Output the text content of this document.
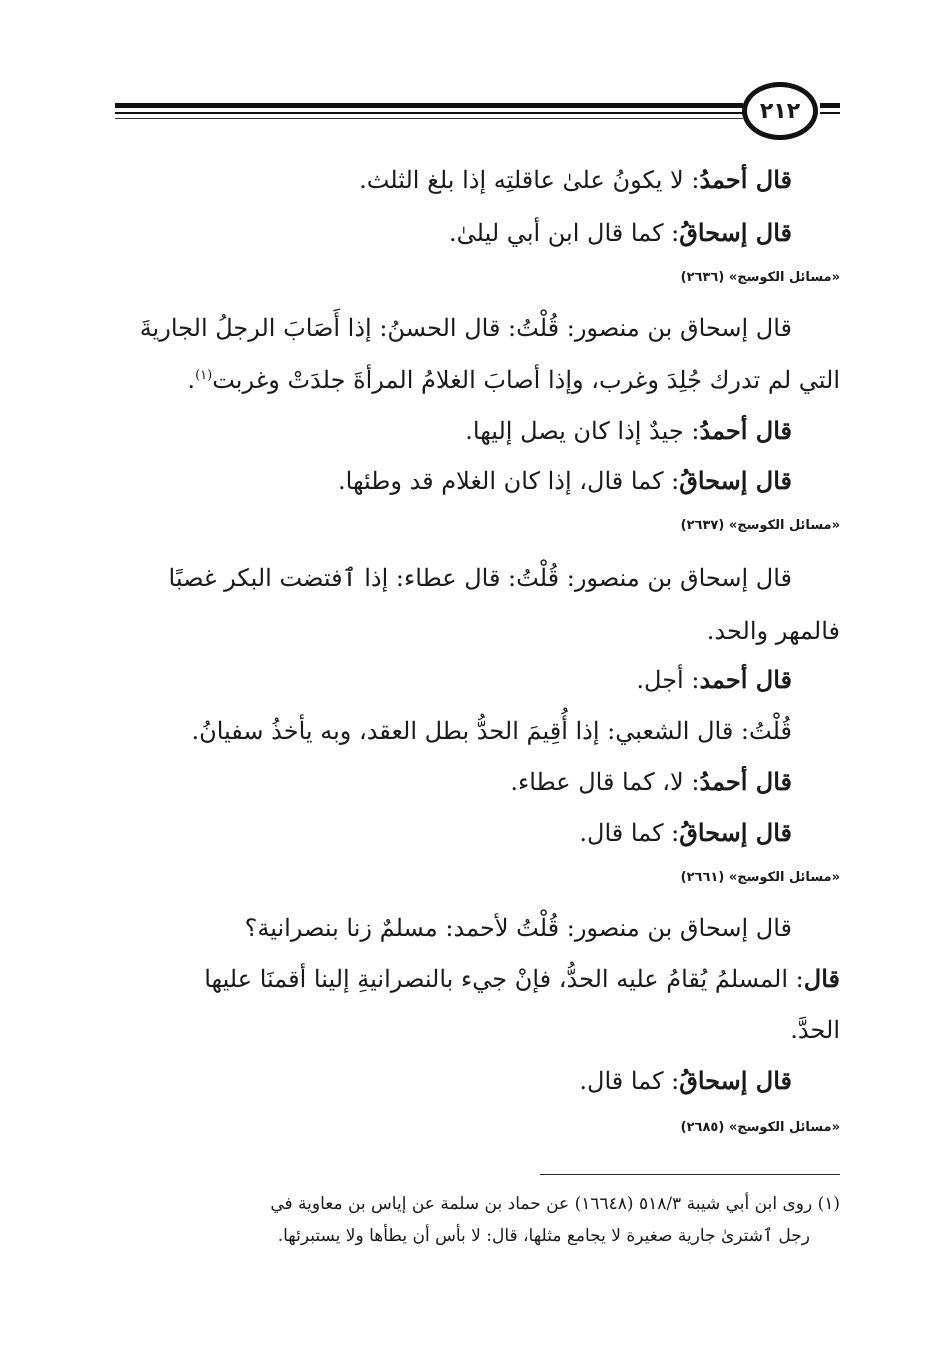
٢١٢
قال أحمدُ: لا يكونُ علىٰ عاقلتِه إذا بلغ الثلث.
قال إسحاقُ: كما قال ابن أبي ليلىٰ.
«مسائل الكوسج» (٢٦٣٦)
قال إسحاق بن منصور: قُلْتُ: قال الحسنُ: إذا أَصَابَ الرجلُ الجاريةَ
التي لم تدرك جُلِدَ وغرب، وإذا أصابَ الغلامُ المرأةَ جلدَتْ وغربت$^{(١)}$.
قال أحمدُ: جيدٌ إذا كان يصل إليها.
قال إسحاقُ: كما قال، إذا كان الغلام قد وطئها.
«مسائل الكوسج» (٢٦٣٧)
قال إسحاق بن منصور: قُلْتُ: قال عطاء: إذا ٱفتضت البكر غصبًا
فالمهر والحد.
قال أحمد: أجل.
قُلْتُ: قال الشعبي: إذا أُقِيمَ الحدُّ بطل العقد، وبه يأخذُ سفيانُ.
قال أحمدُ: لا، كما قال عطاء.
قال إسحاقُ: كما قال.
«مسائل الكوسج» (٢٦٦١)
قال إسحاق بن منصور: قُلْتُ لأحمد: مسلمٌ زنا بنصرانية؟
قال: المسلمُ يُقامُ عليه الحدُّ، فإنْ جيء بالنصرانيةِ إلينا أقمنَا عليها
الحدَّ.
قال إسحاقُ: كما قال.
«مسائل الكوسج» (٢٦٨٥)
(١) روى ابن أبي شيبة ٥١٨/٣ (١٦٦٤٨) عن حماد بن سلمة عن إياس بن معاوية في
رجل ٱشترىٰ جارية صغيرة لا يجامع مثلها، قال: لا بأس أن يطأها ولا يستبرئها.
